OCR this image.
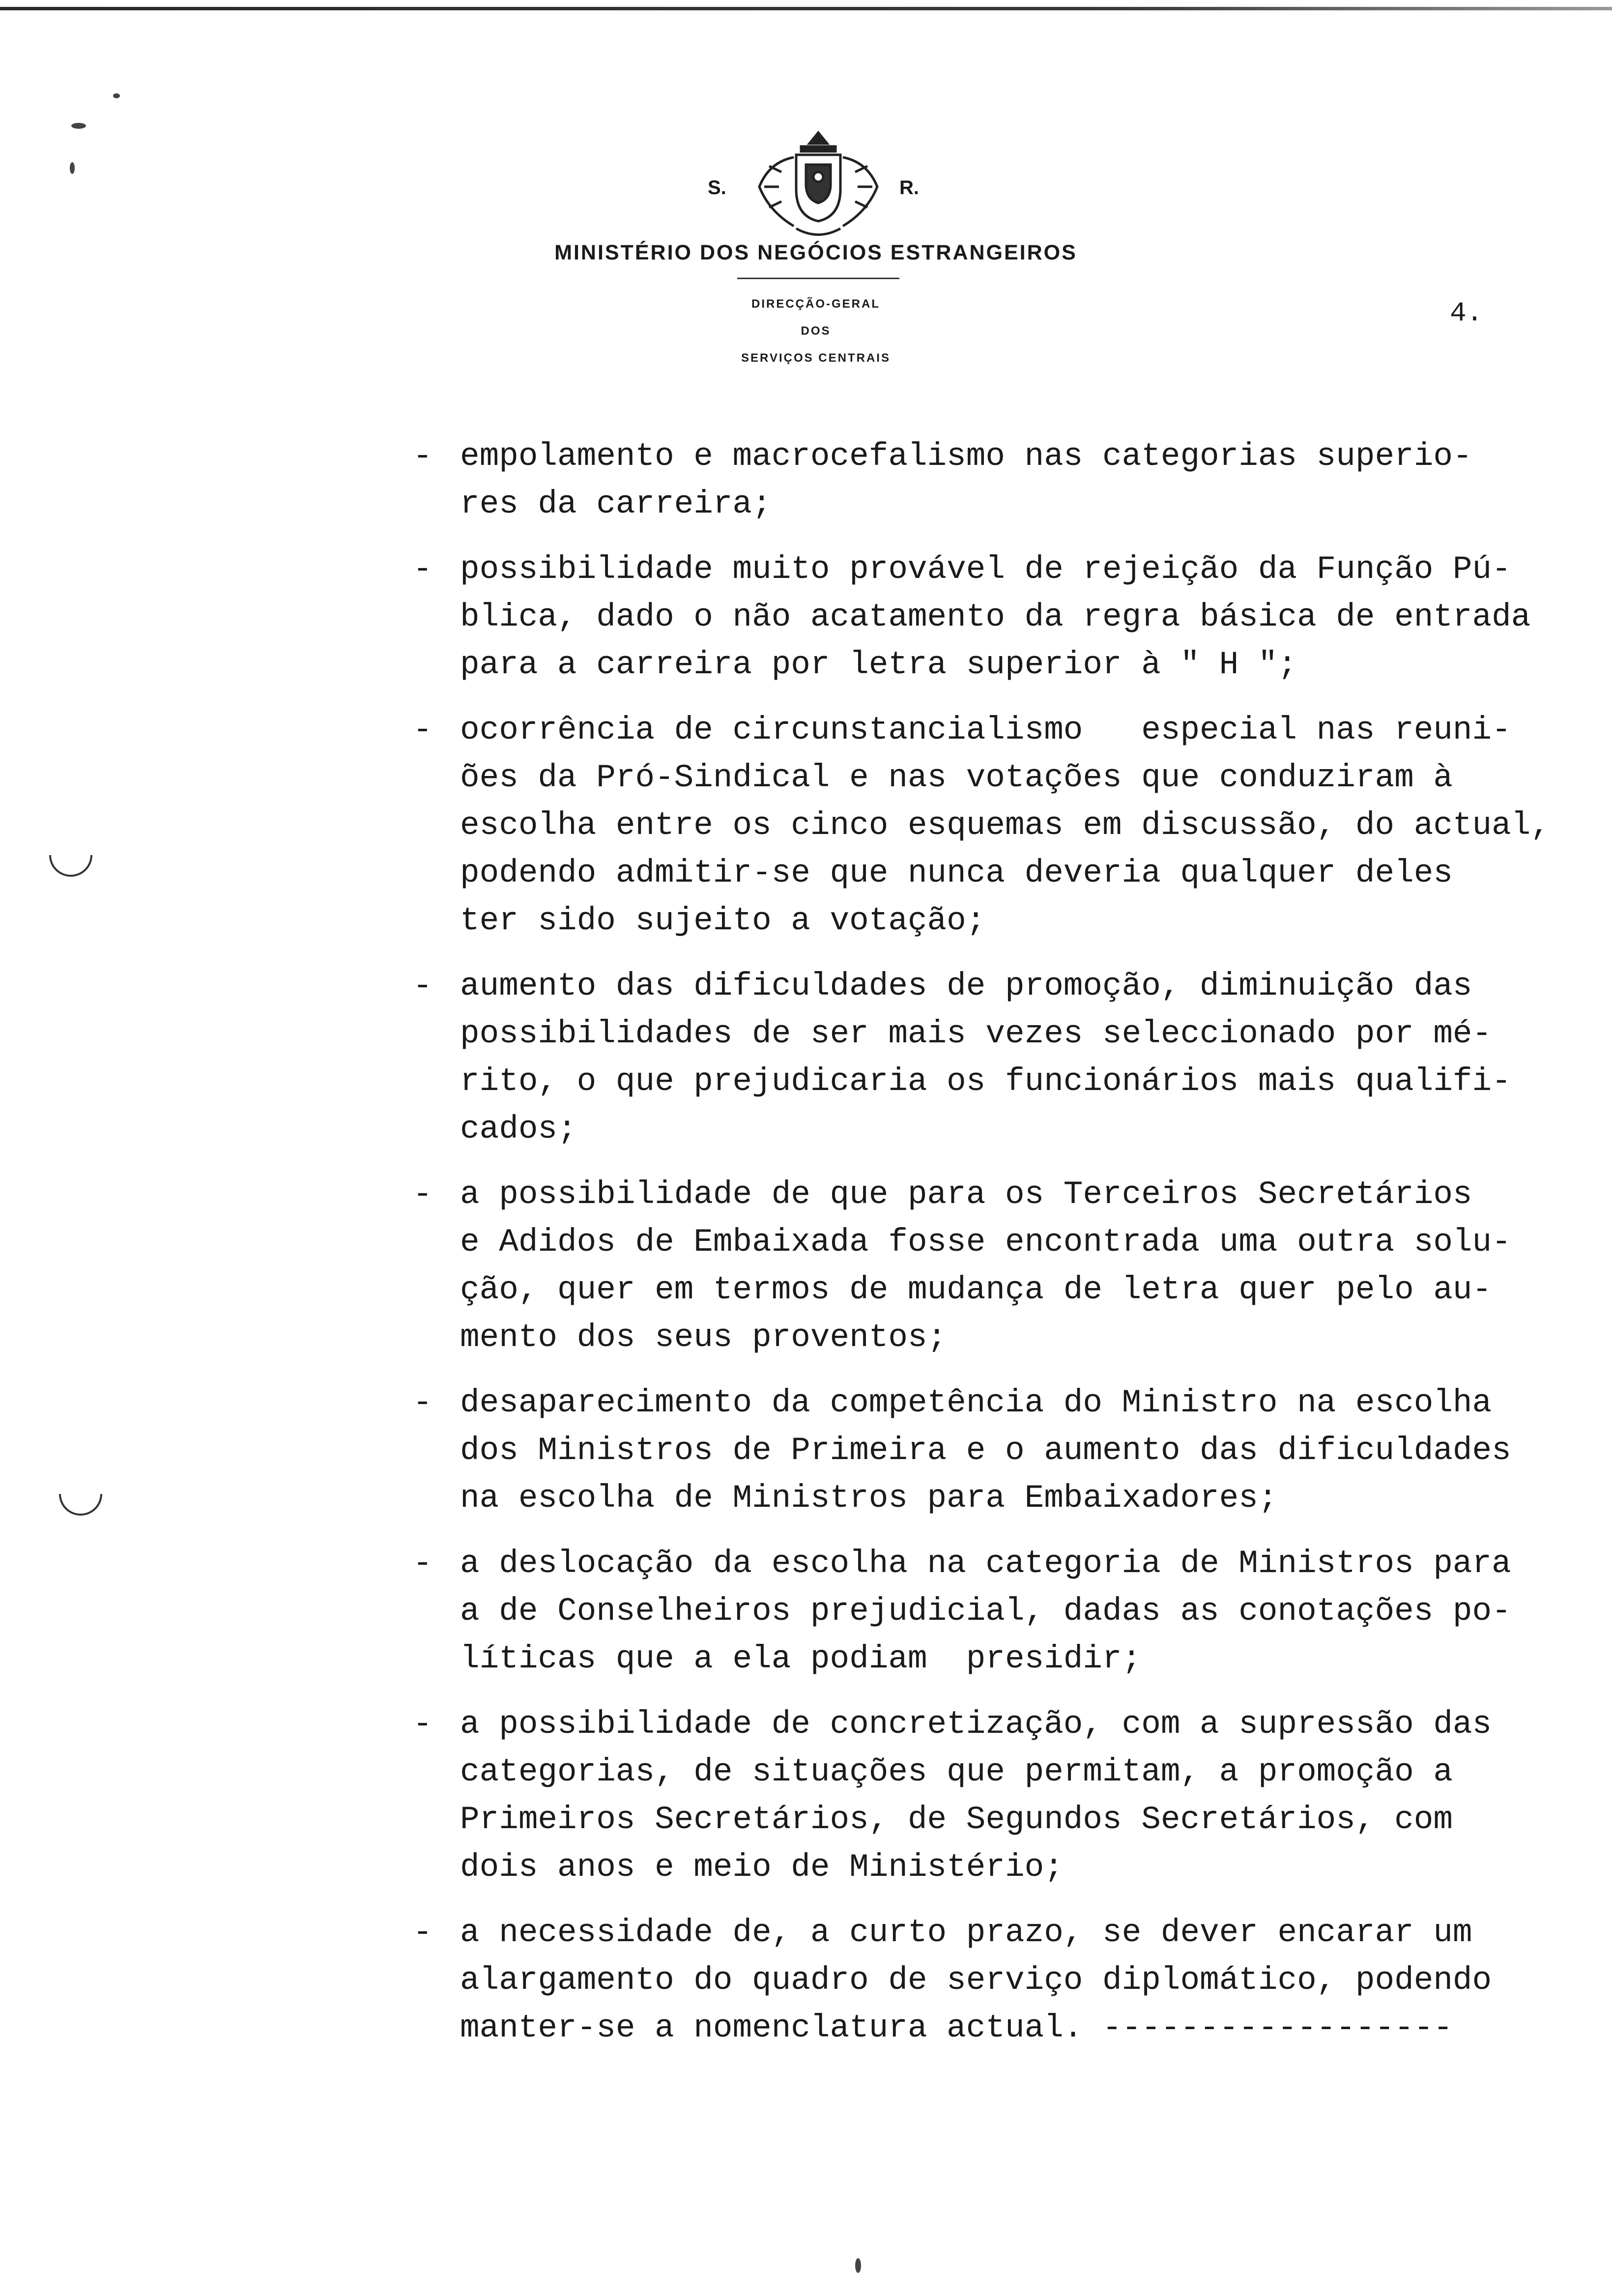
S.	R.
MINISTÉRIO DOS NEGÓCIOS ESTRANGEIROS
DIRECÇÃO-GERAL
DOS
SERVIÇOS CENTRAIS
4.
- empolamento e macrocefalismo nas categorias superio-
res da carreira;
- possibilidade muito provável de rejeição da Função Pú-
blica, dado o não acatamento da regra básica de entrada
para a carreira por letra superior à " H ";
- ocorrência de circunstancialismo   especial nas reuni-
ões da Pró-Sindical e nas votações que conduziram à
escolha entre os cinco esquemas em discussão, do actual,
podendo admitir-se que nunca deveria qualquer deles
ter sido sujeito a votação;
- aumento das dificuldades de promoção, diminuição das
possibilidades de ser mais vezes seleccionado por mé-
rito, o que prejudicaria os funcionários mais qualifi-
cados;
- a possibilidade de que para os Terceiros Secretários
e Adidos de Embaixada fosse encontrada uma outra solu-
ção, quer em termos de mudança de letra quer pelo au-
mento dos seus proventos;
- desaparecimento da competência do Ministro na escolha
dos Ministros de Primeira e o aumento das dificuldades
na escolha de Ministros para Embaixadores;
- a deslocação da escolha na categoria de Ministros para
a de Conselheiros prejudicial, dadas as conotações po-
líticas que a ela podiam  presidir;
- a possibilidade de concretização, com a supressão das
categorias, de situações que permitam, a promoção a
Primeiros Secretários, de Segundos Secretários, com
dois anos e meio de Ministério;
- a necessidade de, a curto prazo, se dever encarar um
alargamento do quadro de serviço diplomático, podendo
manter-se a nomenclatura actual. ------------------
